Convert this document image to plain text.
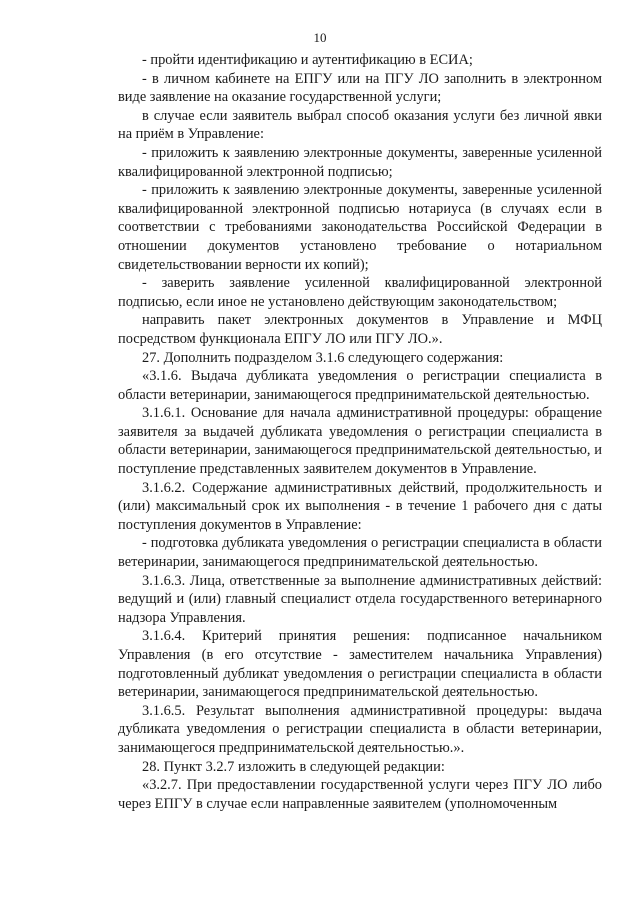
10

- пройти идентификацию и аутентификацию в ЕСИА;

- в личном кабинете на ЕПГУ или на ПГУ ЛО заполнить в электронном виде заявление на оказание государственной услуги;

в случае если заявитель выбрал способ оказания услуги без личной явки на приём в Управление:

- приложить к заявлению электронные документы, заверенные усиленной квалифицированной электронной подписью;

- приложить к заявлению электронные документы, заверенные усиленной квалифицированной электронной подписью нотариуса (в случаях если в соответствии с требованиями законодательства Российской Федерации в отношении документов установлено требование о нотариальном свидетельствовании верности их копий);

- заверить заявление усиленной квалифицированной электронной подписью, если иное не установлено действующим законодательством;

направить пакет электронных документов в Управление и МФЦ посредством функционала ЕПГУ ЛО или ПГУ ЛО.».

27. Дополнить подразделом 3.1.6 следующего содержания:

«3.1.6. Выдача дубликата уведомления о регистрации специалиста в области ветеринарии, занимающегося предпринимательской деятельностью.

3.1.6.1. Основание для начала административной процедуры: обращение заявителя за выдачей дубликата уведомления о регистрации специалиста в области ветеринарии, занимающегося предпринимательской деятельностью, и поступление представленных заявителем документов в Управление.

3.1.6.2. Содержание административных действий, продолжительность и (или) максимальный срок их выполнения - в течение 1 рабочего дня с даты поступления документов в Управление:

- подготовка дубликата уведомления о регистрации специалиста в области ветеринарии, занимающегося предпринимательской деятельностью.

3.1.6.3. Лица, ответственные за выполнение административных действий: ведущий и (или) главный специалист отдела государственного ветеринарного надзора Управления.

3.1.6.4. Критерий принятия решения: подписанное начальником Управления (в его отсутствие - заместителем начальника Управления) подготовленный дубликат уведомления о регистрации специалиста в области ветеринарии, занимающегося предпринимательской деятельностью.

3.1.6.5. Результат выполнения административной процедуры: выдача дубликата уведомления о регистрации специалиста в области ветеринарии, занимающегося предпринимательской деятельностью.».

28. Пункт 3.2.7 изложить в следующей редакции:

«3.2.7. При предоставлении государственной услуги через ПГУ ЛО либо через ЕПГУ в случае если направленные заявителем (уполномоченным
